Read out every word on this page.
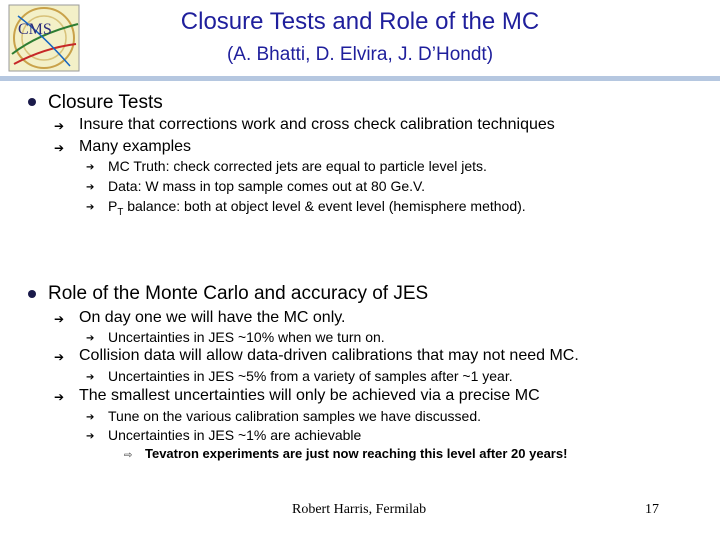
CMS	Closure Tests and Role of the MC
(A. Bhatti, D. Elvira, J. D’Hondt)
Closure Tests
➔ Insure that corrections work and cross check calibration techniques
➔ Many examples
➔ MC Truth: check corrected jets are equal to particle level jets.
➔ Data: W mass in top sample comes out at 80 Ge.V.
➔ $P_T$ balance: both at object level & event level (hemisphere method).
Role of the Monte Carlo and accuracy of JES
➔ On day one we will have the MC only.
➔ Uncertainties in JES ~10% when we turn on.
➔ Collision data will allow data-driven calibrations that may not need MC.
➔ Uncertainties in JES ~5% from a variety of samples after ~1 year.
➔ The smallest uncertainties will only be achieved via a precise MC
➔ Tune on the various calibration samples we have discussed.
➔ Uncertainties in JES ~1% are achievable
⇨ Tevatron experiments are just now reaching this level after 20 years!
Robert Harris, Fermilab	17
